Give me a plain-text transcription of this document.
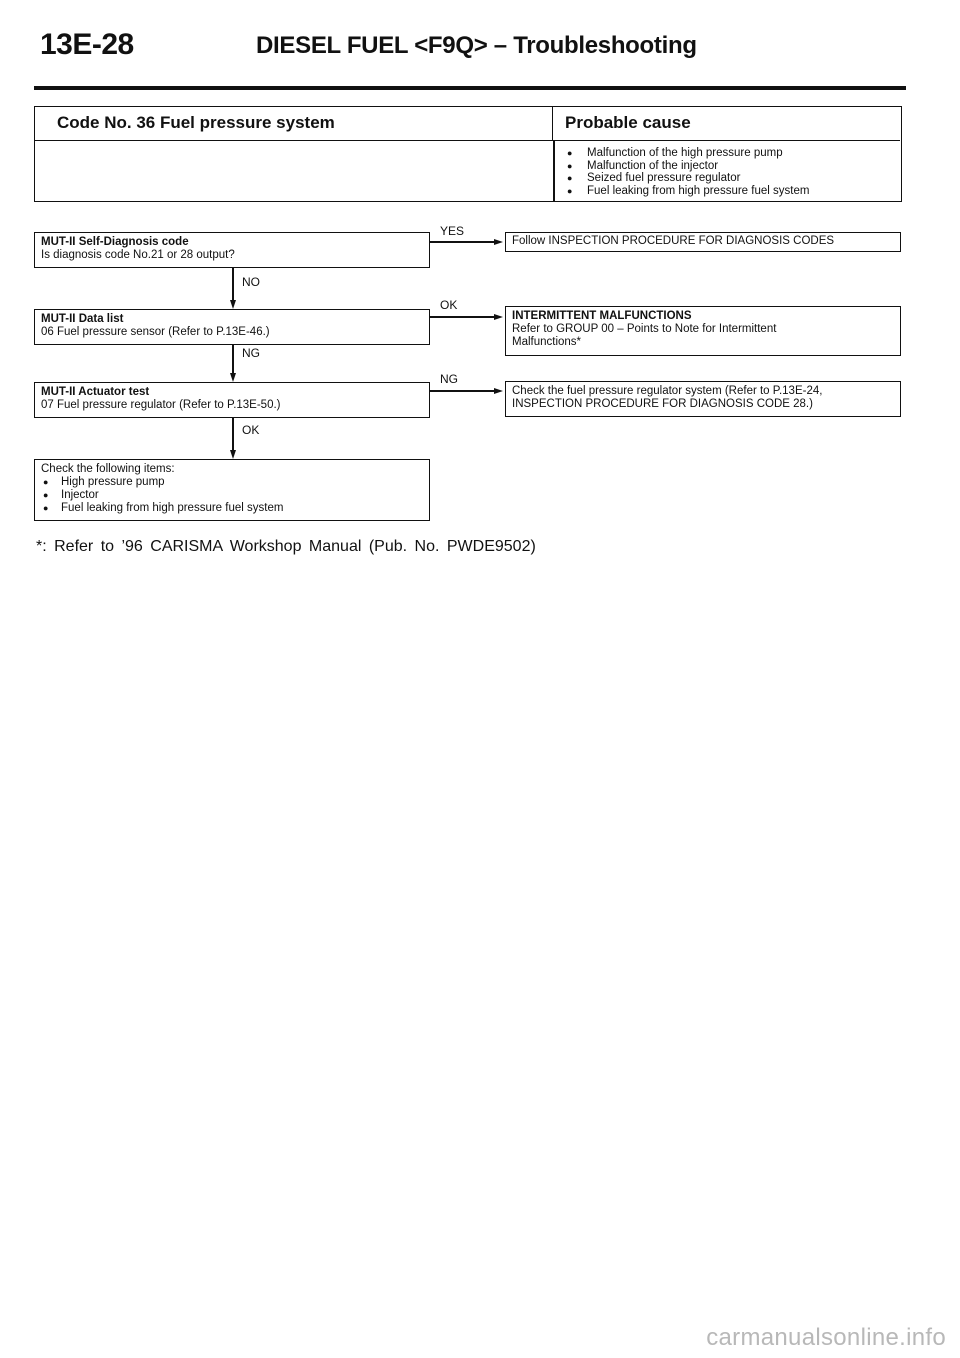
13E-28	DIESEL FUEL <F9Q> – Troubleshooting
Code No. 36 Fuel pressure system	Probable cause
● Malfunction of the high pressure pump
● Malfunction of the injector
● Seized fuel pressure regulator
● Fuel leaking from high pressure fuel system
MUT-II Self-Diagnosis code
Is diagnosis code No.21 or 28 output?
YES
Follow INSPECTION PROCEDURE FOR DIAGNOSIS CODES
NO
MUT-II Data list
06 Fuel pressure sensor (Refer to P.13E-46.)
OK
INTERMITTENT MALFUNCTIONS
Refer to GROUP 00 – Points to Note for Intermittent
Malfunctions*
NG
MUT-II Actuator test
07 Fuel pressure regulator (Refer to P.13E-50.)
NG
Check the fuel pressure regulator system (Refer to P.13E-24,
INSPECTION PROCEDURE FOR DIAGNOSIS CODE 28.)
OK
Check the following items:
● High pressure pump
● Injector
● Fuel leaking from high pressure fuel system
*: Refer to ’96 CARISMA Workshop Manual (Pub. No. PWDE9502)
carmanualsonline.info
